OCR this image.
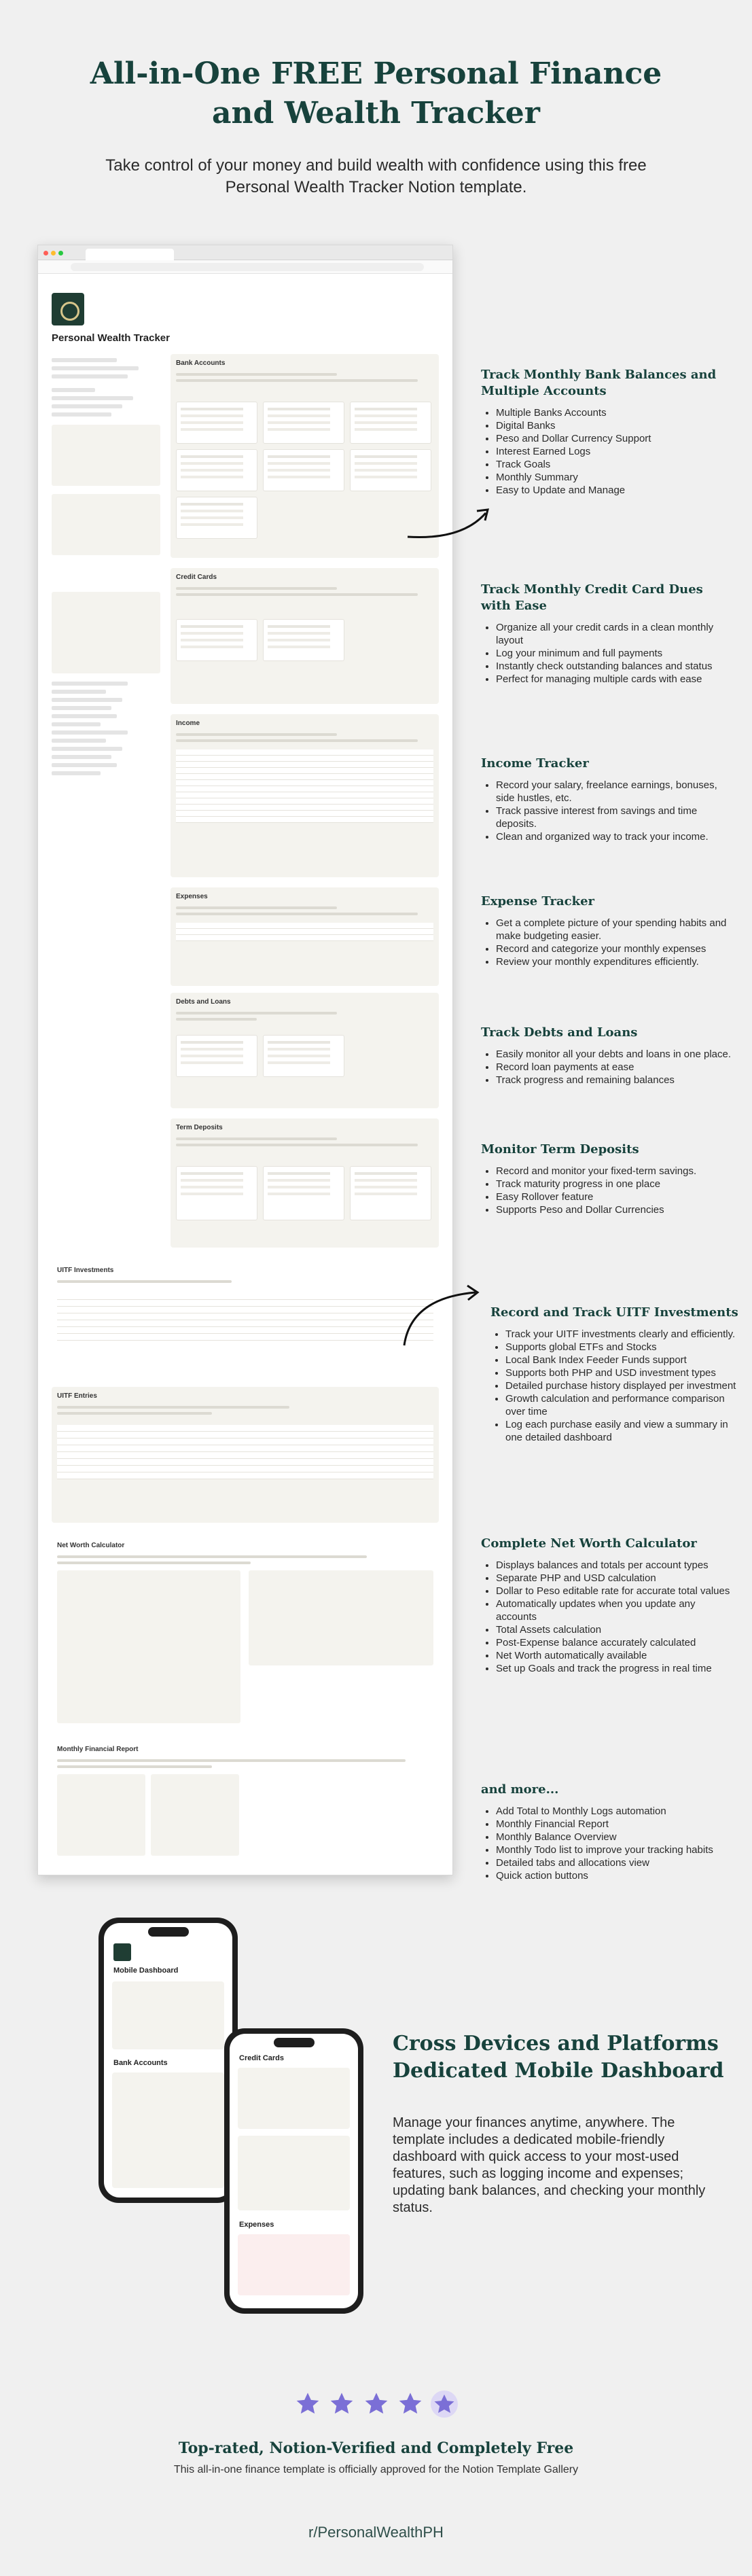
All-in-One FREE Personal Finance
and Wealth Tracker
Take control of your money and build wealth with confidence using this free Personal Wealth Tracker Notion template.
Personal Wealth Tracker
Bank Accounts
Credit Cards
Income
Expenses
Debts and Loans
Term Deposits
UITF Investments
UITF Entries
Net Worth Calculator
Monthly Financial Report
Track Monthly Bank Balances and Multiple Accounts
• Multiple Banks Accounts
• Digital Banks
• Peso and Dollar Currency Support
• Interest Earned Logs
• Track Goals
• Monthly Summary
• Easy to Update and Manage
Track Monthly Credit Card Dues with Ease
• Organize all your credit cards in a clean monthly layout
• Log your minimum and full payments
• Instantly check outstanding balances and status
• Perfect for managing multiple cards with ease
Income Tracker
• Record your salary, freelance earnings, bonuses, side hustles, etc.
• Track passive interest from savings and time deposits.
• Clean and organized way to track your income.
Expense Tracker
• Get a complete picture of your spending habits and make budgeting easier.
• Record and categorize your monthly expenses
• Review your monthly expenditures efficiently.
Track Debts and Loans
• Easily monitor all your debts and loans in one place.
• Record loan payments at ease
• Track progress and remaining balances
Monitor Term Deposits
• Record and monitor your fixed-term savings.
• Track maturity progress in one place
• Easy Rollover feature
• Supports Peso and Dollar Currencies
Record and Track UITF Investments
• Track your UITF investments clearly and efficiently.
• Supports global ETFs and Stocks
• Local Bank Index Feeder Funds support
• Supports both PHP and USD investment types
• Detailed purchase history displayed per investment
• Growth calculation and performance comparison over time
• Log each purchase easily and view a summary in one detailed dashboard
Complete Net Worth Calculator
• Displays balances and totals per account types
• Separate PHP and USD calculation
• Dollar to Peso editable rate for accurate total values
• Automatically updates when you update any accounts
• Total Assets calculation
• Post-Expense balance accurately calculated
• Net Worth automatically available
• Set up Goals and track the progress in real time
and more...
• Add Total to Monthly Logs automation
• Monthly Financial Report
• Monthly Balance Overview
• Monthly Todo list to improve your tracking habits
• Detailed tabs and allocations view
• Quick action buttons
Mobile Dashboard
Bank Accounts
Credit Cards
Expenses
Cross Devices and Platforms Dedicated Mobile Dashboard
Manage your finances anytime, anywhere. The template includes a dedicated mobile-friendly dashboard with quick access to your most-used features, such as logging income and expenses; updating bank balances, and checking your monthly status.

Top-rated, Notion-Verified and Completely Free
This all-in-one finance template is officially approved for the Notion Template Gallery
r/PersonalWealthPH
